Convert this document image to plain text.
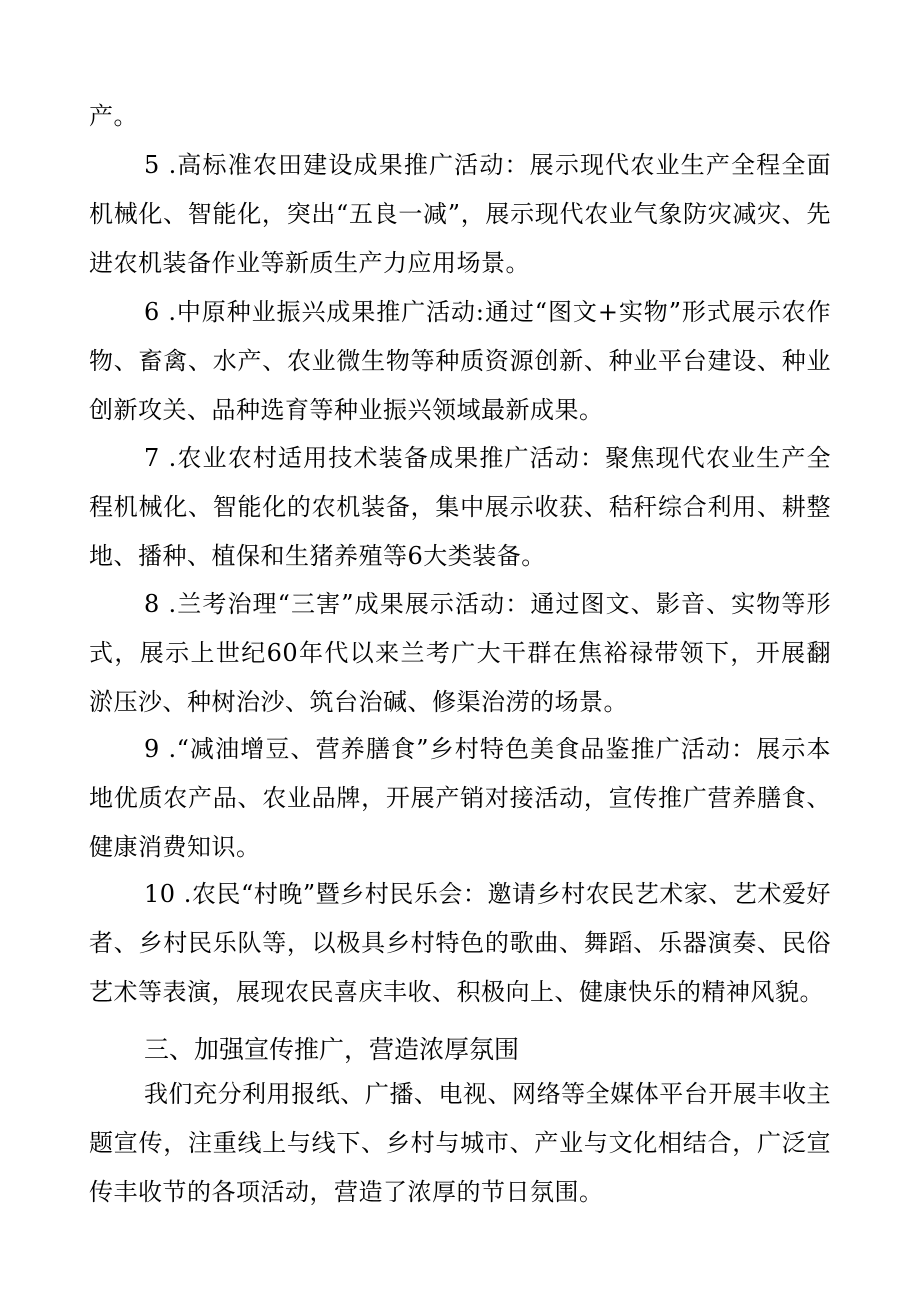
产。

5 .高标准农田建设成果推广活动：展示现代农业生产全程全面机械化、智能化，突出“五良一减”，展示现代农业气象防灾减灾、先进农机装备作业等新质生产力应用场景。

6 .中原种业振兴成果推广活动:通过“图文+实物”形式展示农作物、畜禽、水产、农业微生物等种质资源创新、种业平台建设、种业创新攻关、品种选育等种业振兴领域最新成果。

7 .农业农村适用技术装备成果推广活动：聚焦现代农业生产全程机械化、智能化的农机装备，集中展示收获、秸秆综合利用、耕整地、播种、植保和生猪养殖等6大类装备。

8 .兰考治理“三害”成果展示活动：通过图文、影音、实物等形式，展示上世纪60年代以来兰考广大干群在焦裕禄带领下，开展翻淤压沙、种树治沙、筑台治碱、修渠治涝的场景。

9 .“减油增豆、营养膳食”乡村特色美食品鉴推广活动：展示本地优质农产品、农业品牌，开展产销对接活动，宣传推广营养膳食、健康消费知识。

10 .农民“村晚”暨乡村民乐会：邀请乡村农民艺术家、艺术爱好者、乡村民乐队等，以极具乡村特色的歌曲、舞蹈、乐器演奏、民俗艺术等表演，展现农民喜庆丰收、积极向上、健康快乐的精神风貌。

三、加强宣传推广，营造浓厚氛围

我们充分利用报纸、广播、电视、网络等全媒体平台开展丰收主题宣传，注重线上与线下、乡村与城市、产业与文化相结合，广泛宣传丰收节的各项活动，营造了浓厚的节日氛围。
